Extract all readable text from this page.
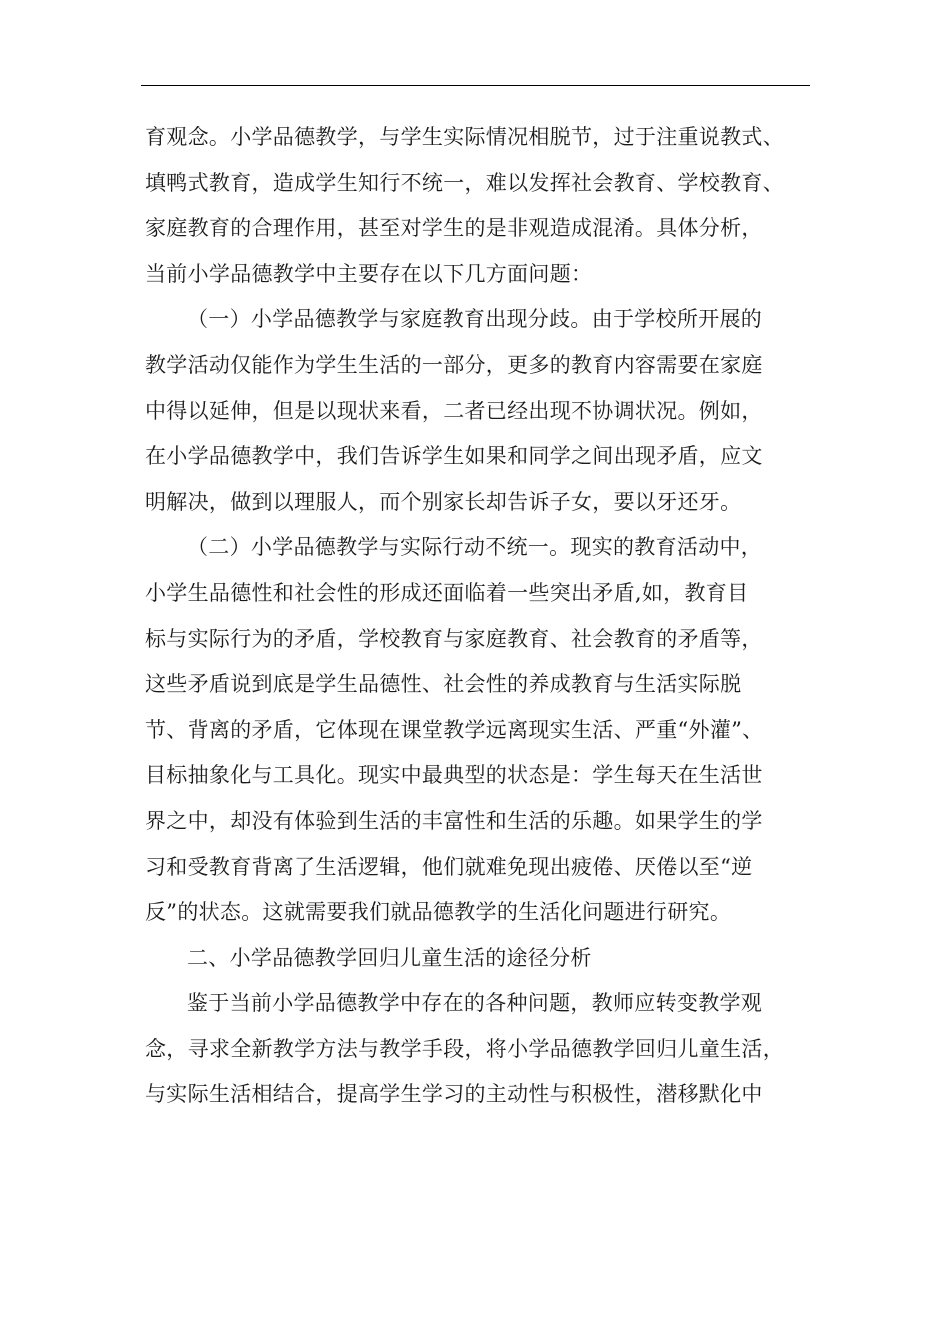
育观念。小学品德教学，与学生实际情况相脱节，过于注重说教式、
填鸭式教育，造成学生知行不统一，难以发挥社会教育、学校教育、
家庭教育的合理作用，甚至对学生的是非观造成混淆。具体分析，
当前小学品德教学中主要存在以下几方面问题：
（一）小学品德教学与家庭教育出现分歧。由于学校所开展的
教学活动仅能作为学生生活的一部分，更多的教育内容需要在家庭
中得以延伸，但是以现状来看，二者已经出现不协调状况。例如，
在小学品德教学中，我们告诉学生如果和同学之间出现矛盾，应文
明解决，做到以理服人，而个别家长却告诉子女，要以牙还牙。
（二）小学品德教学与实际行动不统一。现实的教育活动中，
小学生品德性和社会性的形成还面临着一些突出矛盾,如，教育目
标与实际行为的矛盾，学校教育与家庭教育、社会教育的矛盾等，
这些矛盾说到底是学生品德性、社会性的养成教育与生活实际脱
节、背离的矛盾，它体现在课堂教学远离现实生活、严重“外灌”、
目标抽象化与工具化。现实中最典型的状态是：学生每天在生活世
界之中，却没有体验到生活的丰富性和生活的乐趣。如果学生的学
习和受教育背离了生活逻辑，他们就难免现出疲倦、厌倦以至“逆
反”的状态。这就需要我们就品德教学的生活化问题进行研究。
二、小学品德教学回归儿童生活的途径分析
鉴于当前小学品德教学中存在的各种问题，教师应转变教学观
念，寻求全新教学方法与教学手段，将小学品德教学回归儿童生活，
与实际生活相结合，提高学生学习的主动性与积极性，潜移默化中
